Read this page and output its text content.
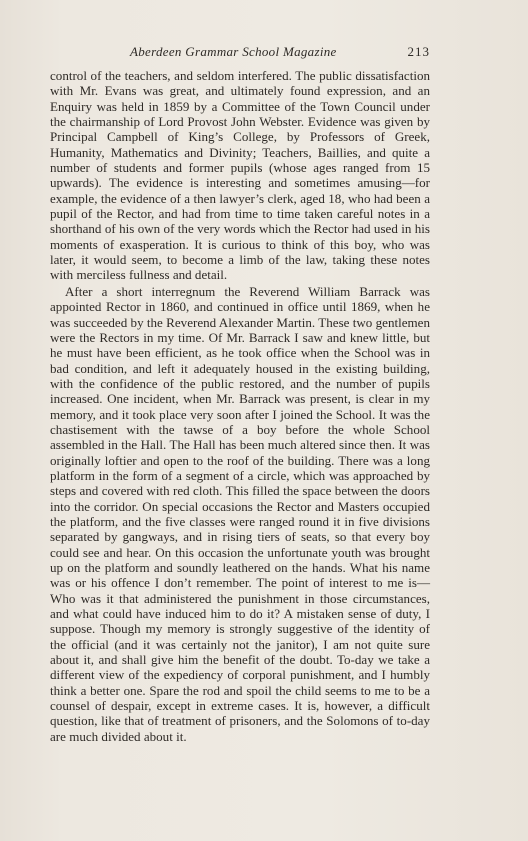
Aberdeen Grammar School Magazine	213

control of the teachers, and seldom interfered. The public dissatisfaction with Mr. Evans was great, and ultimately found expression, and an Enquiry was held in 1859 by a Committee of the Town Council under the chairmanship of Lord Provost John Webster. Evidence was given by Principal Campbell of King’s College, by Professors of Greek, Humanity, Mathematics and Divinity; Teachers, Baillies, and quite a number of students and former pupils (whose ages ranged from 15 upwards). The evidence is interesting and sometimes amusing—for example, the evidence of a then lawyer’s clerk, aged 18, who had been a pupil of the Rector, and had from time to time taken careful notes in a shorthand of his own of the very words which the Rector had used in his moments of exasperation. It is curious to think of this boy, who was later, it would seem, to become a limb of the law, taking these notes with merciless fullness and detail.

After a short interregnum the Reverend William Barrack was appointed Rector in 1860, and continued in office until 1869, when he was succeeded by the Reverend Alexander Martin. These two gentlemen were the Rectors in my time. Of Mr. Barrack I saw and knew little, but he must have been efficient, as he took office when the School was in bad condition, and left it adequately housed in the existing building, with the confidence of the public restored, and the number of pupils increased. One incident, when Mr. Barrack was present, is clear in my memory, and it took place very soon after I joined the School. It was the chastisement with the tawse of a boy before the whole School assembled in the Hall. The Hall has been much altered since then. It was originally loftier and open to the roof of the building. There was a long platform in the form of a segment of a circle, which was approached by steps and covered with red cloth. This filled the space between the doors into the corridor. On special occasions the Rector and Masters occupied the platform, and the five classes were ranged round it in five divisions separated by gangways, and in rising tiers of seats, so that every boy could see and hear. On this occasion the unfortunate youth was brought up on the platform and soundly leathered on the hands. What his name was or his offence I don’t remember. The point of interest to me is—Who was it that administered the punishment in those circumstances, and what could have induced him to do it? A mistaken sense of duty, I suppose. Though my memory is strongly suggestive of the identity of the official (and it was certainly not the janitor), I am not quite sure about it, and shall give him the benefit of the doubt. To-day we take a different view of the expediency of corporal punishment, and I humbly think a better one. Spare the rod and spoil the child seems to me to be a counsel of despair, except in extreme cases. It is, however, a difficult question, like that of treatment of prisoners, and the Solomons of to-day are much divided about it.
